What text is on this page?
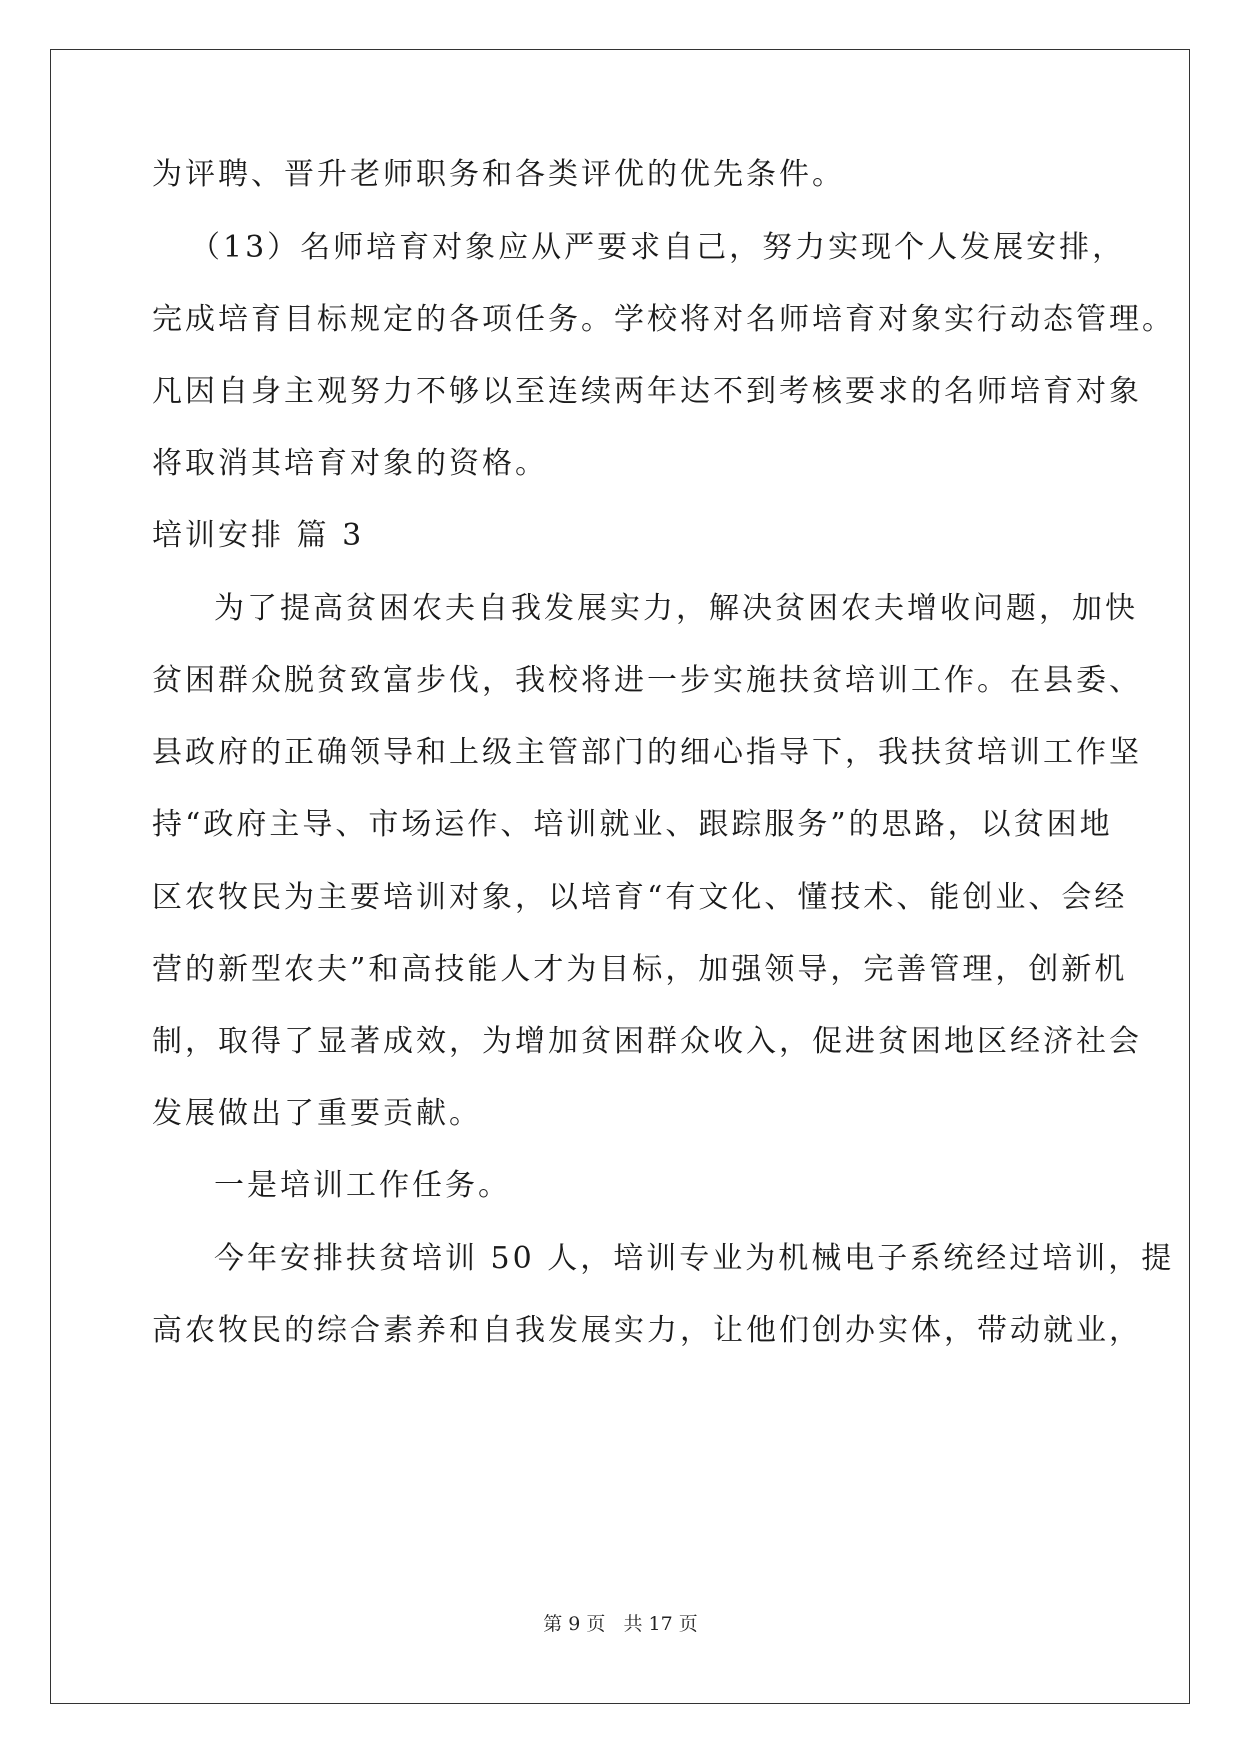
为评聘、晋升老师职务和各类评优的优先条件。
（13）名师培育对象应从严要求自己，努力实现个人发展安排，
完成培育目标规定的各项任务。学校将对名师培育对象实行动态管理。
凡因自身主观努力不够以至连续两年达不到考核要求的名师培育对象
将取消其培育对象的资格。
培训安排 篇 3
为了提高贫困农夫自我发展实力，解决贫困农夫增收问题，加快
贫困群众脱贫致富步伐，我校将进一步实施扶贫培训工作。在县委、
县政府的正确领导和上级主管部门的细心指导下，我扶贫培训工作坚
持“政府主导、市场运作、培训就业、跟踪服务”的思路，以贫困地
区农牧民为主要培训对象，以培育“有文化、懂技术、能创业、会经
营的新型农夫”和高技能人才为目标，加强领导，完善管理，创新机
制，取得了显著成效，为增加贫困群众收入，促进贫困地区经济社会
发展做出了重要贡献。
一是培训工作任务。
今年安排扶贫培训 50 人，培训专业为机械电子系统经过培训，提
高农牧民的综合素养和自我发展实力，让他们创办实体，带动就业，
第 9 页 共 17 页
